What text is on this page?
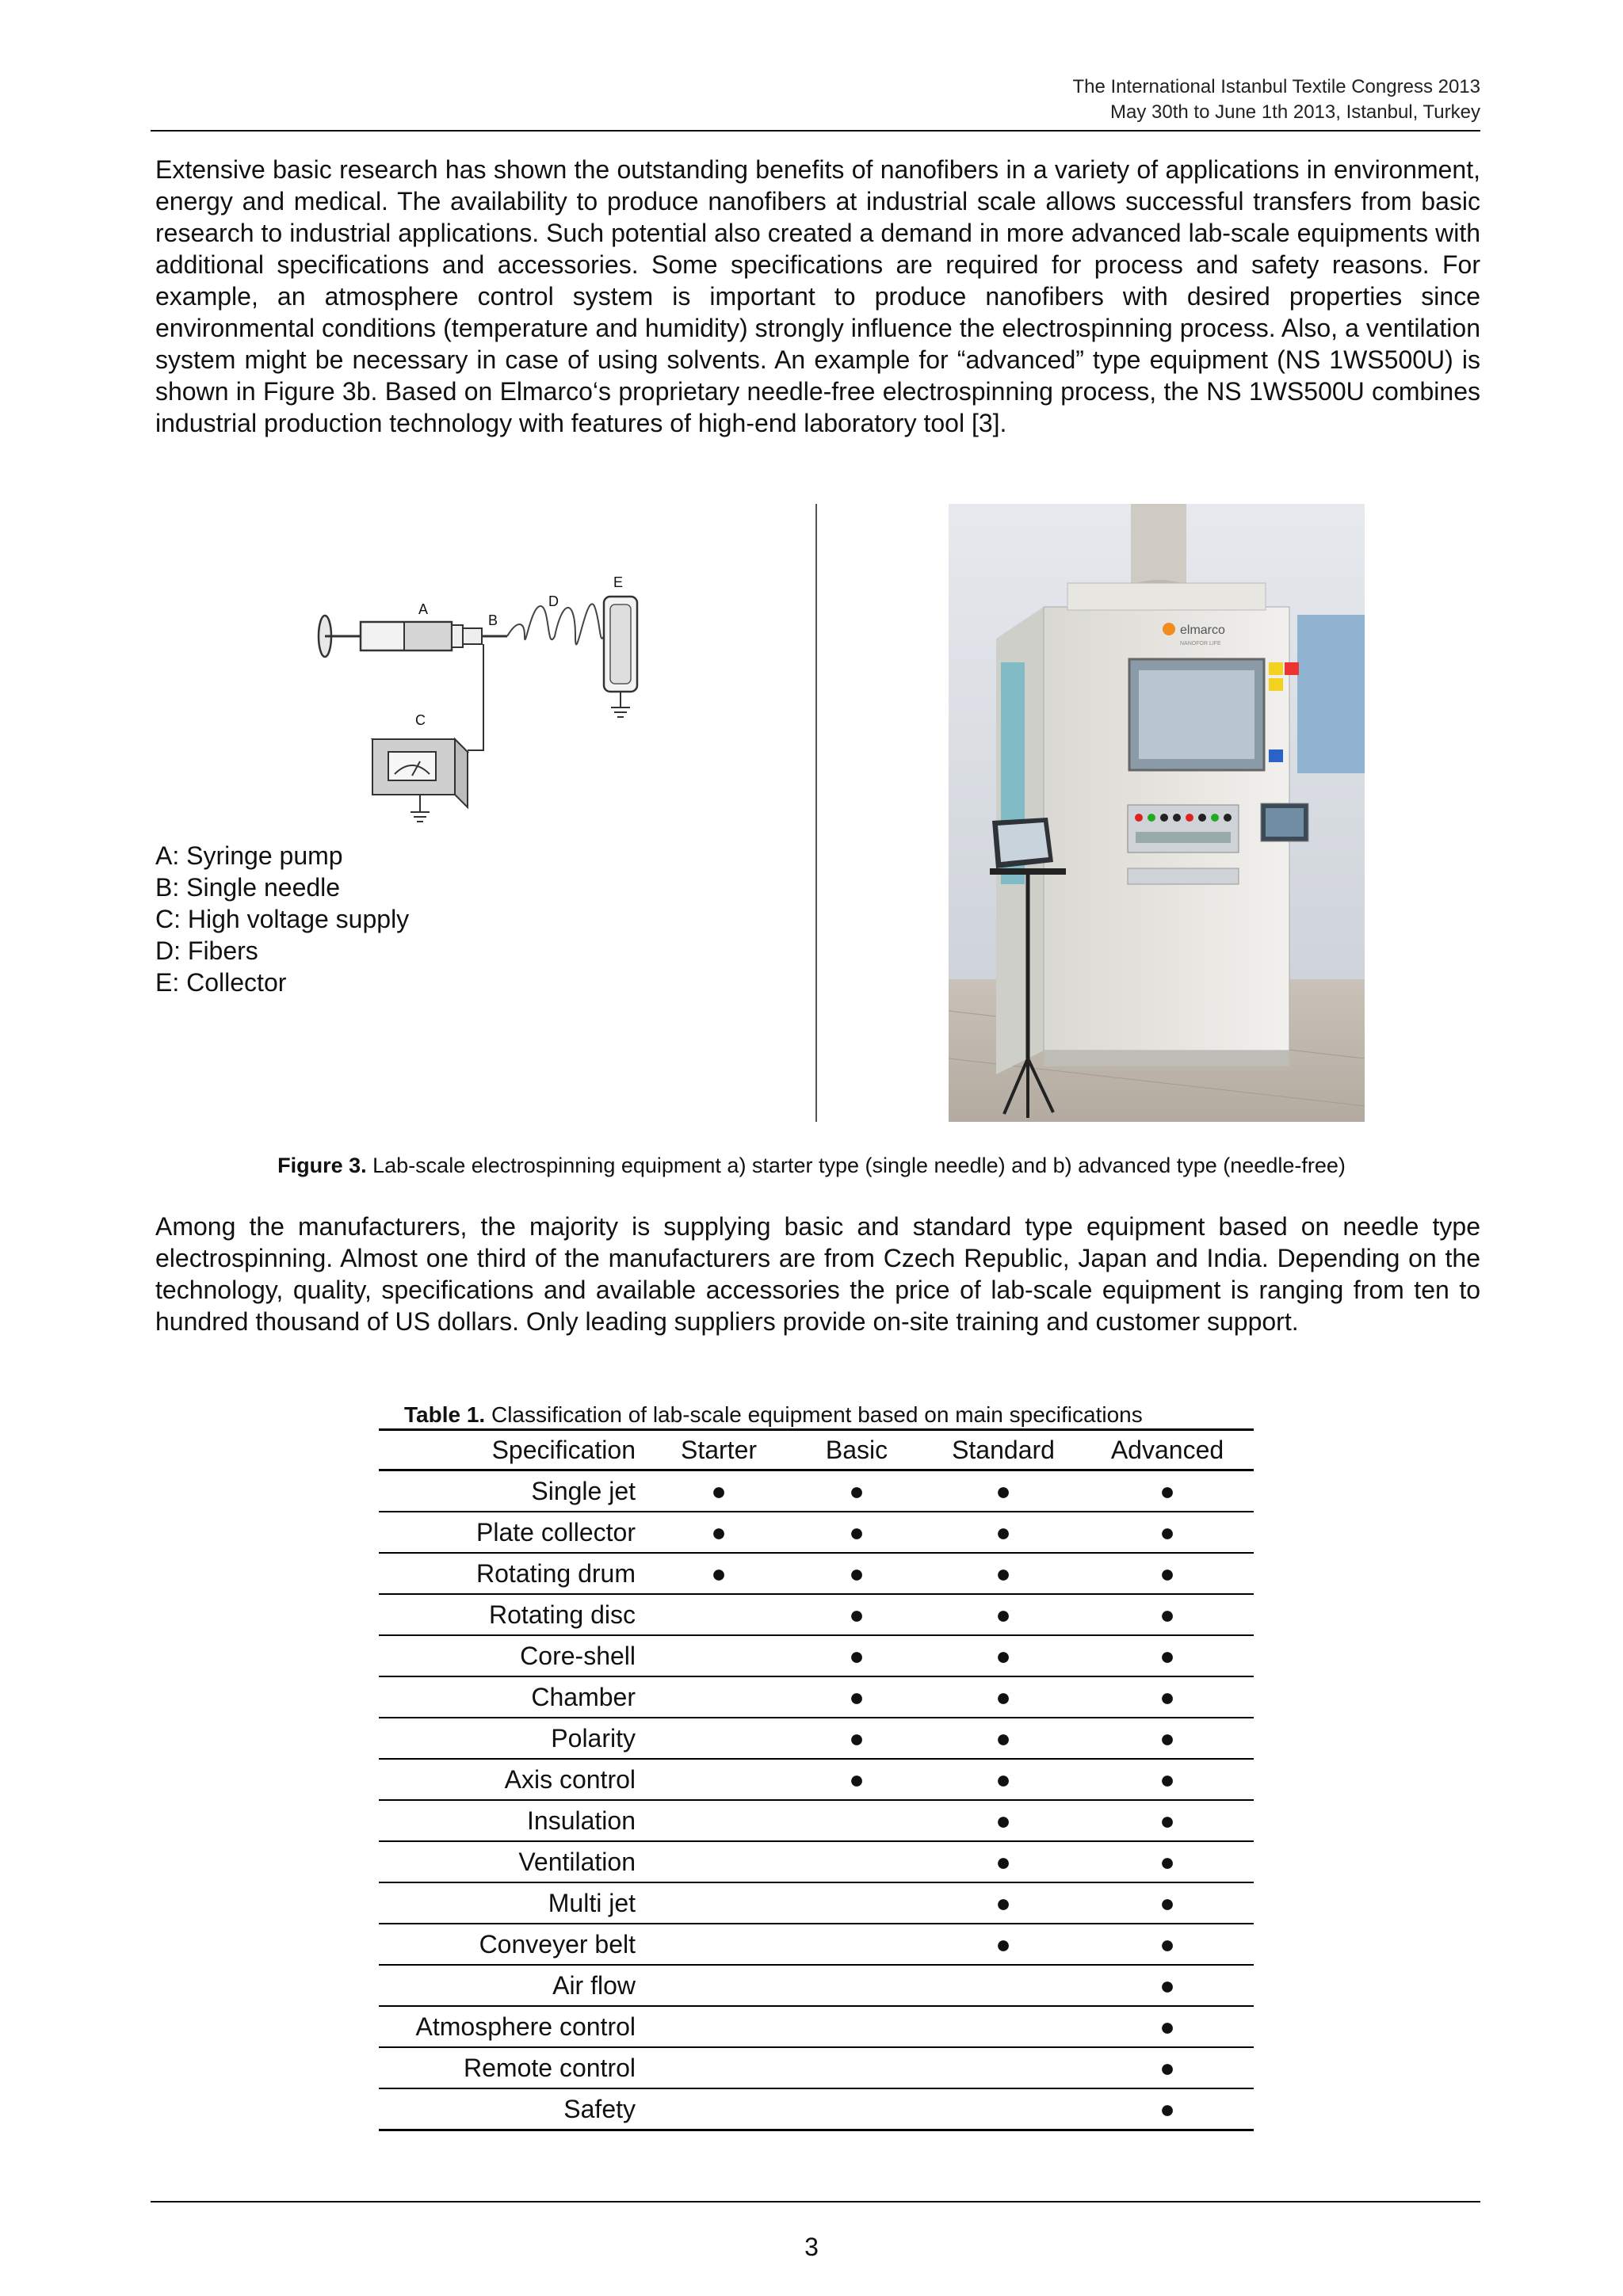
The International Istanbul Textile Congress 2013
May 30th to June 1th 2013, Istanbul, Turkey

Extensive basic research has shown the outstanding benefits of nanofibers in a variety of applications in environment, energy and medical. The availability to produce nanofibers at industrial scale allows successful transfers from basic research to industrial applications. Such potential also created a demand in more advanced lab-scale equipments with additional specifications and accessories. Some specifications are required for process and safety reasons. For example, an atmosphere control system is important to produce nanofibers with desired properties since environmental conditions (temperature and humidity) strongly influence the electrospinning process. Also, a ventilation system might be necessary in case of using solvents. An example for “advanced” type equipment (NS 1WS500U) is shown in Figure 3b. Based on Elmarco‘s proprietary needle-free electrospinning process, the NS 1WS500U combines industrial production technology with features of high-end laboratory tool [3].

A
B
D
E
C
A: Syringe pump
B: Single needle
C: High voltage supply
D: Fibers
E: Collector
elmarco
NANOFOR LIFE
Figure 3. Lab-scale electrospinning equipment a) starter type (single needle) and b) advanced type (needle-free)

Among the manufacturers, the majority is supplying basic and standard type equipment based on needle type electrospinning. Almost one third of the manufacturers are from Czech Republic, Japan and India. Depending on the technology, quality, specifications and available accessories the price of lab-scale equipment is ranging from ten to hundred thousand of US dollars. Only leading suppliers provide on-site training and customer support.

Table 1. Classification of lab-scale equipment based on main specifications
Specification	Starter	Basic	Standard	Advanced
Single jet	●	●	●	●
Plate collector	●	●	●	●
Rotating drum	●	●	●	●
Rotating disc		●	●	●
Core-shell		●	●	●
Chamber		●	●	●
Polarity		●	●	●
Axis control		●	●	●
Insulation			●	●
Ventilation			●	●
Multi jet			●	●
Conveyer belt			●	●
Air flow				●
Atmosphere control				●
Remote control				●
Safety				●
3
